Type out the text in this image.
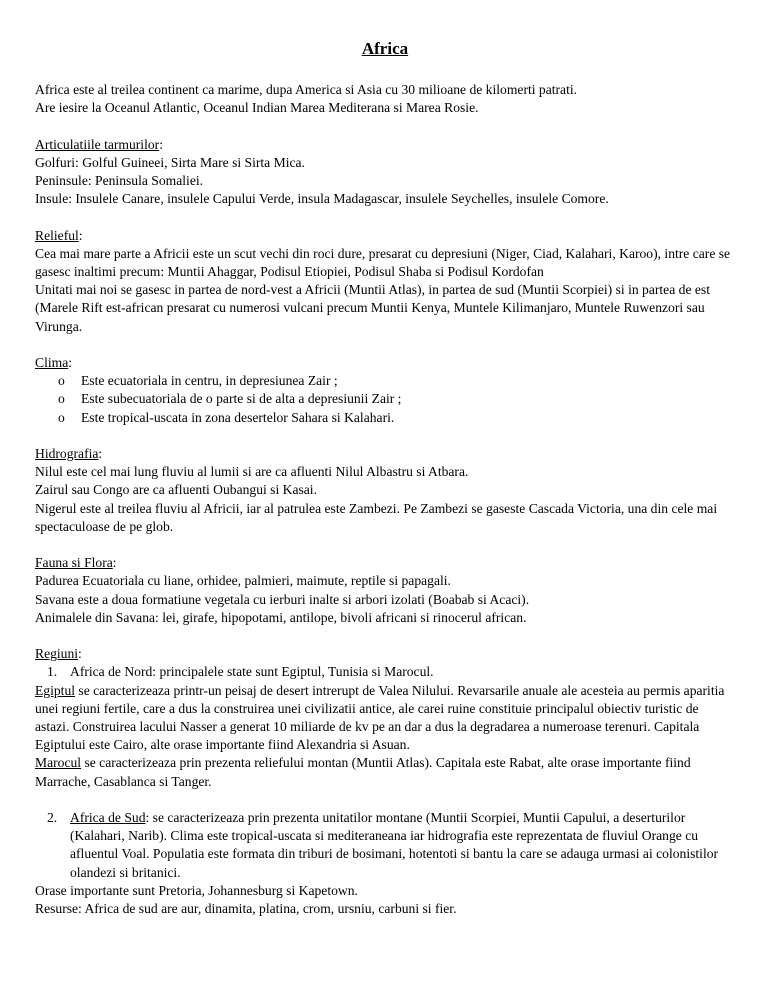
Africa

Africa este al treilea continent ca marime, dupa America si Asia cu 30 milioane de kilomerti patrati.

Are iesire la Oceanul Atlantic, Oceanul Indian Marea Mediterana si Marea Rosie.

Articulatiile tarmurilor:

Golfuri: Golful Guineei, Sirta Mare si Sirta Mica.

Peninsule: Peninsula Somaliei.

Insule: Insulele Canare, insulele Capului Verde, insula Madagascar, insulele Seychelles, insulele Comore.

Relieful:

Cea mai mare parte a Africii este un scut vechi din roci dure, presarat cu depresiuni (Niger, Ciad, Kalahari, Karoo), intre care se gasesc inaltimi precum: Muntii Ahaggar, Podisul Etiopiei, Podisul Shaba si Podisul Kordofan

Unitati mai noi se gasesc in partea de nord-vest a Africii (Muntii Atlas), in partea de sud (Muntii Scorpiei) si in partea de est (Marele Rift est-african presarat cu numerosi vulcani precum Muntii Kenya, Muntele Kilimanjaro, Muntele Ruwenzori sau Virunga.

Clima:

o Este ecuatoriala in centru, in depresiunea Zair ;
o Este subecuatoriala de o parte si de alta a depresiunii Zair ;
o Este tropical-uscata in zona desertelor Sahara si Kalahari.

Hidrografia:

Nilul este cel mai lung fluviu al lumii si are ca afluenti Nilul Albastru si Atbara.

Zairul sau Congo are ca afluenti Oubangui si Kasai.

Nigerul este al treilea fluviu al Africii, iar al patrulea este Zambezi. Pe Zambezi se gaseste Cascada Victoria, una din cele mai spectaculoase de pe glob.

Fauna si Flora:

Padurea Ecuatoriala cu liane, orhidee, palmieri, maimute, reptile si papagali.

Savana este a doua formatiune vegetala cu ierburi inalte si arbori izolati (Boabab si Acaci).

Animalele din Savana: lei, girafe, hipopotami, antilope, bivoli africani si rinocerul african.

Regiuni:

1. Africa de Nord: principalele state sunt Egiptul, Tunisia si Marocul.

Egiptul se caracterizeaza printr-un peisaj de desert intrerupt de Valea Nilului. Revarsarile anuale ale acesteia au permis aparitia unei regiuni fertile, care a dus la construirea unei civilizatii antice, ale carei ruine constituie principalul obiectiv turistic de astazi. Construirea lacului Nasser a generat 10 miliarde de kv pe an dar a dus la degradarea a numeroase terenuri. Capitala Egiptului este Cairo, alte orase importante fiind Alexandria si Asuan.

Marocul se caracterizeaza prin prezenta reliefului montan (Muntii Atlas). Capitala este Rabat, alte orase importante fiind Marrache, Casablanca si Tanger.

2. Africa de Sud: se caracterizeaza prin prezenta unitatilor montane (Muntii Scorpiei, Muntii Capului, a deserturilor (Kalahari, Narib). Clima este tropical-uscata si mediteraneana iar hidrografia este reprezentata de fluviul Orange cu afluentul Voal. Populatia este formata din triburi de bosimani, hotentoti si bantu la care se adauga urmasi ai colonistilor olandezi si britanici.

Orase importante sunt Pretoria, Johannesburg si Kapetown.

Resurse: Africa de sud are aur, dinamita, platina, crom, ursniu, carbuni si fier.
